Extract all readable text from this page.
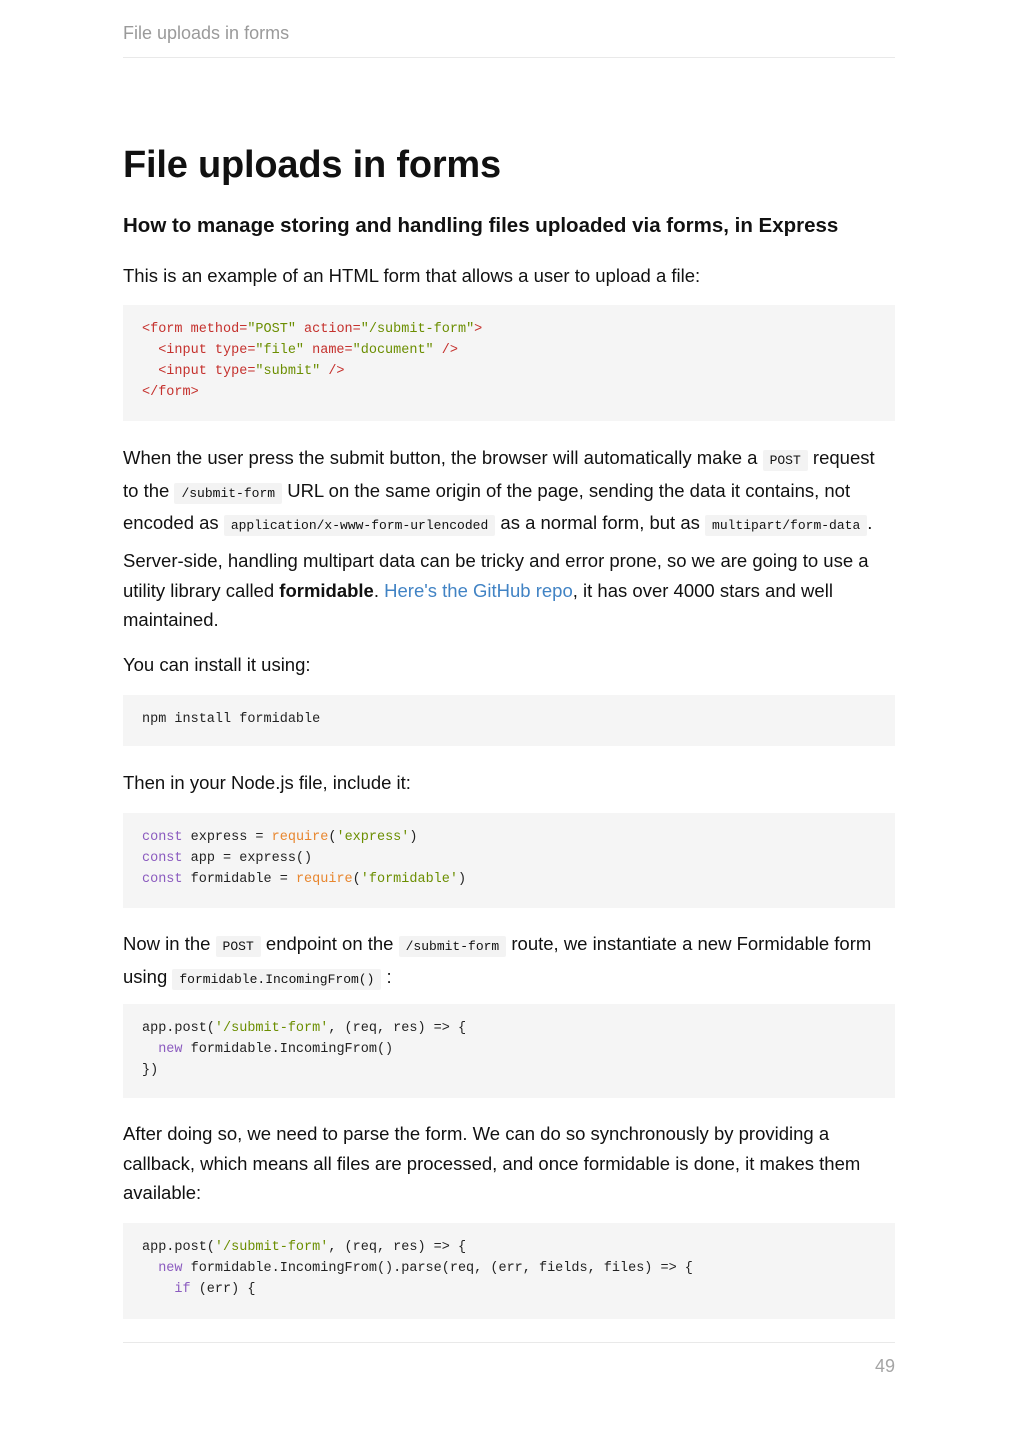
File uploads in forms
File uploads in forms
How to manage storing and handling files uploaded via forms, in Express

This is an example of an HTML form that allows a user to upload a file:

<form method="POST" action="/submit-form">
<input type="file" name="document" />
<input type="submit" />
</form>

When the user press the submit button, the browser will automatically make a POST request to the /submit-form URL on the same origin of the page, sending the data it contains, not encoded as application/x-www-form-urlencoded as a normal form, but as multipart/form-data .

Server-side, handling multipart data can be tricky and error prone, so we are going to use a utility library called formidable. Here's the GitHub repo, it has over 4000 stars and well maintained.

You can install it using:

npm install formidable

Then in your Node.js file, include it:

const express = require('express')
const app = express()
const formidable = require('formidable')

Now in the POST endpoint on the /submit-form route, we instantiate a new Formidable form using formidable.IncomingFrom() :

app.post('/submit-form', (req, res) => {
new formidable.IncomingFrom()
})

After doing so, we need to parse the form. We can do so synchronously by providing a callback, which means all files are processed, and once formidable is done, it makes them available:

app.post('/submit-form', (req, res) => {
new formidable.IncomingFrom().parse(req, (err, fields, files) => {
if (err) {
49
